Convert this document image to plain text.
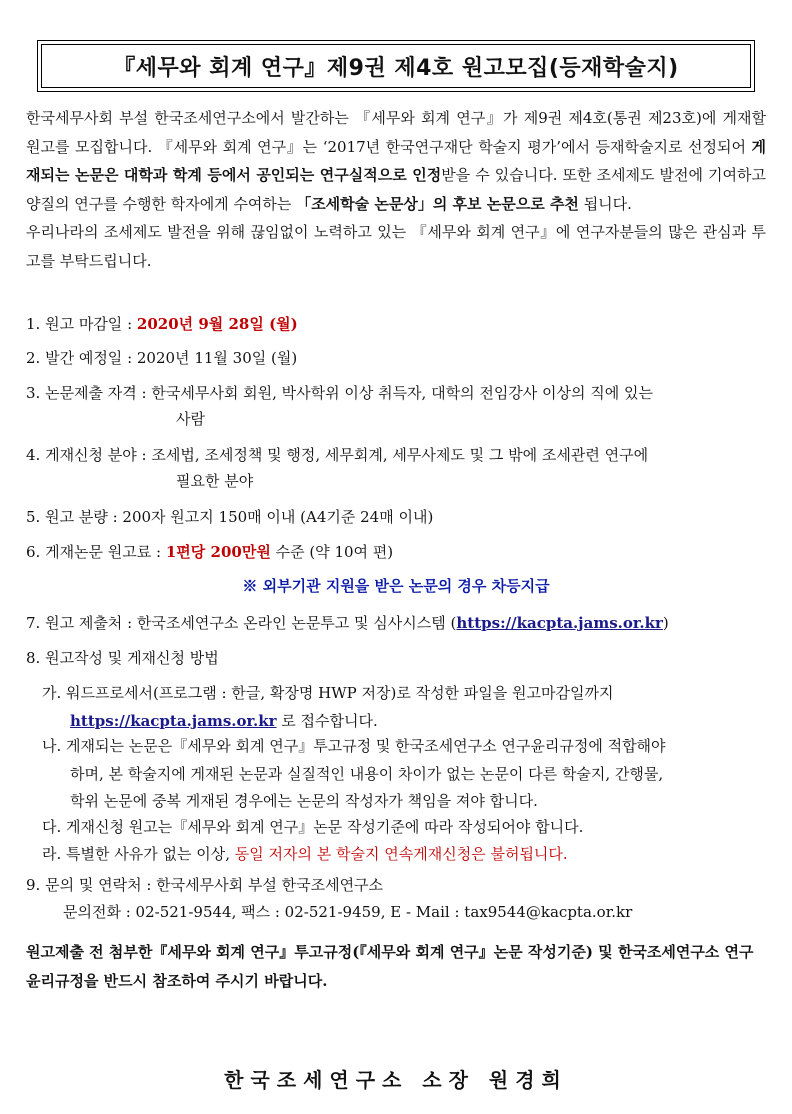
『세무와 회계 연구』제9권 제4호 원고모집(등재학술지)

한국세무사회 부설 한국조세연구소에서 발간하는 『세무와 회계 연구』가 제9권 제4호(통권 제23호)에 게재할 원고를 모집합니다. 『세무와 회계 연구』는 ‘2017년 한국연구재단 학술지 평가’에서 등재학술지로 선정되어 게재되는 논문은 대학과 학계 등에서 공인되는 연구실적으로 인정받을 수 있습니다. 또한 조세제도 발전에 기여하고 양질의 연구를 수행한 학자에게 수여하는 「조세학술 논문상」의 후보 논문으로 추천 됩니다.

우리나라의 조세제도 발전을 위해 끊임없이 노력하고 있는 『세무와 회계 연구』에 연구자분들의 많은 관심과 투고를 부탁드립니다.

1. 원고 마감일 : 2020년 9월 28일 (월)
2. 발간 예정일 : 2020년 11월 30일 (월)
3. 논문제출 자격 : 한국세무사회 회원, 박사학위 이상 취득자, 대학의 전임강사 이상의 직에 있는
사람
4. 게재신청 분야 : 조세법, 조세정책 및 행정, 세무회계, 세무사제도 및 그 밖에 조세관련 연구에
필요한 분야
5. 원고 분량 : 200자 원고지 150매 이내 (A4기준 24매 이내)
6. 게재논문 원고료 : 1편당 200만원 수준 (약 10여 편)
※ 외부기관 지원을 받은 논문의 경우 차등지급
7. 원고 제출처 : 한국조세연구소 온라인 논문투고 및 심사시스템 (https://kacpta.jams.or.kr)
8. 원고작성 및 게재신청 방법
가. 워드프로세서(프로그램 : 한글, 확장명 HWP 저장)로 작성한 파일을 원고마감일까지
https://kacpta.jams.or.kr 로 접수합니다.
나. 게재되는 논문은『세무와 회계 연구』투고규정 및 한국조세연구소 연구윤리규정에 적합해야
하며, 본 학술지에 게재된 논문과 실질적인 내용이 차이가 없는 논문이 다른 학술지, 간행물,
학위 논문에 중복 게재된 경우에는 논문의 작성자가 책임을 져야 합니다.
다. 게재신청 원고는『세무와 회계 연구』논문 작성기준에 따라 작성되어야 합니다.
라. 특별한 사유가 없는 이상, 동일 저자의 본 학술지 연속게재신청은 불허됩니다.
9. 문의 및 연락처 : 한국세무사회 부설 한국조세연구소
문의전화 : 02-521-9544, 팩스 : 02-521-9459, E - Mail : tax9544@kacpta.or.kr
원고제출 전 첨부한『세무와 회계 연구』투고규정(『세무와 회계 연구』논문 작성기준) 및 한국조세연구소 연구윤리규정을 반드시 참조하여 주시기 바랍니다.
한국조세연구소 소장 원경희
